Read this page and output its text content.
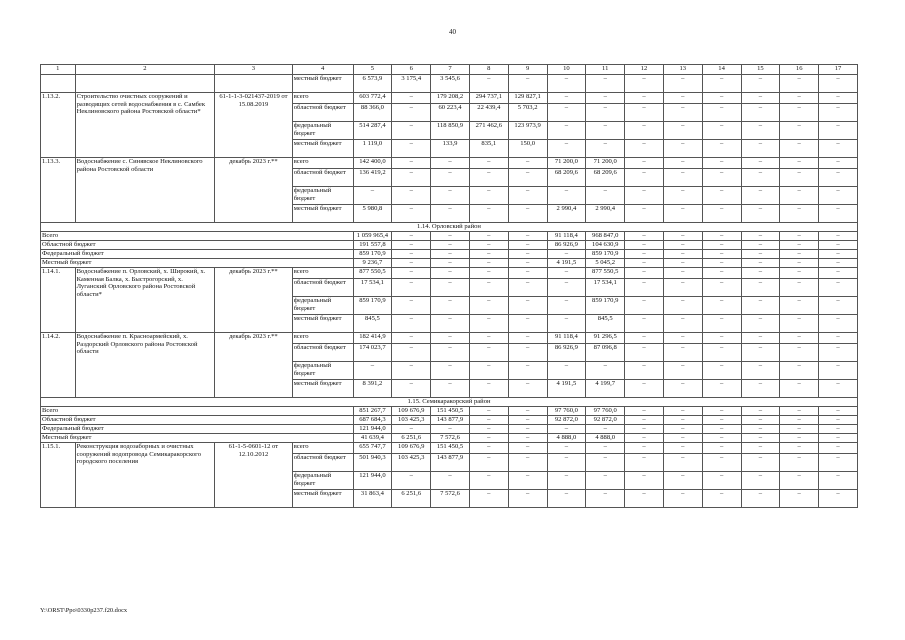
40
1	2	3	4	5	6	7	8	9	10	11	12	13	14	15	16	17
			местный бюджет	6 573,9	3 175,4	3 545,6	–	–	–	–	–	–	–	–	–	–
1.13.2.	Строительство очистных сооружений и разводящих сетей водоснабжения в с. Самбек Неклиновского района Ростовской области*	61-1-1-3-021437-2019 от 15.08.2019	всего	603 772,4	–	179 208,2	294 737,1	129 827,1	–	–	–	–	–	–	–	–
			областной бюджет	88 366,0	–	60 223,4	22 439,4	5 703,2	–	–	–	–	–	–	–	–
			федеральный бюджет	514 287,4	–	118 850,9	271 462,6	123 973,9	–	–	–	–	–	–	–	–
			местный бюджет	1 119,0	–	133,9	835,1	150,0	–	–	–	–	–	–	–	–
1.13.3.	Водоснабжение с. Синявское Неклиновского района Ростовской области	декабрь 2023 г.**	всего	142 400,0	–	–	–	–	71 200,0	71 200,0	–	–	–	–	–	–
			областной бюджет	136 419,2	–	–	–	–	68 209,6	68 209,6	–	–	–	–	–	–
			федеральный бюджет	–	–	–	–	–	–	–	–	–	–	–	–	–
			местный бюджет	5 980,8	–	–	–	–	2 990,4	2 990,4	–	–	–	–	–	–
1.14. Орловский район																
Всего				1 059 965,4	–	–	–	–	91 118,4	968 847,0	–	–	–	–	–	–
Областной бюджет				191 557,8	–	–	–	–	86 926,9	104 630,9	–	–	–	–	–	–
Федеральный бюджет				859 170,9	–	–	–	–	–	859 170,9	–	–	–	–	–	–
Местный бюджет				9 236,7	–	–	–	–	4 191,5	5 045,2	–	–	–	–	–	–
1.14.1.	Водоснабжение п. Орловский, х. Широкий, х. Каменная Балка, х. Быстрогорский, х. Луганский Орловского района Ростовской области*	декабрь 2023 г.**	всего	877 550,5	–	–	–	–	–	877 550,5	–	–	–	–	–	–
			областной бюджет	17 534,1	–	–	–	–	–	17 534,1	–	–	–	–	–	–
			федеральный бюджет	859 170,9	–	–	–	–	–	859 170,9	–	–	–	–	–	–
			местный бюджет	845,5	–	–	–	–	–	845,5	–	–	–	–	–	–
1.14.2.	Водоснабжение п. Красноармейский, х. Раздорский Орловского района Ростовской области	декабрь 2023 г.**	всего	182 414,9	–	–	–	–	91 118,4	91 296,5	–	–	–	–	–	–
			областной бюджет	174 023,7	–	–	–	–	86 926,9	87 096,8	–	–	–	–	–	–
			федеральный бюджет	–	–	–	–	–	–	–	–	–	–	–	–	–
			местный бюджет	8 391,2	–	–	–	–	4 191,5	4 199,7	–	–	–	–	–	–
1.15. Семикаракорский район																
Всего				851 267,7	109 676,9	151 450,5	–	–	97 760,0	97 760,0	–	–	–	–	–	–
Областной бюджет				687 684,3	103 425,3	143 877,9	–	–	92 872,0	92 872,0	–	–	–	–	–	–
Федеральный бюджет				121 944,0	–	–	–	–	–	–	–	–	–	–	–	–
Местный бюджет				41 639,4	6 251,6	7 572,6	–	–	4 888,0	4 888,0	–	–	–	–	–	–
1.15.1.	Реконструкция водозаборных и очистных сооружений водопровода Семикаракорского городского поселения	61-1-5-0601-12 от 12.10.2012	всего	655 747,7	109 676,9	151 450,5	–	–	–	–	–	–	–	–	–	–
			областной бюджет	501 940,3	103 425,3	143 877,9	–	–	–	–	–	–	–	–	–	–
			федеральный бюджет	121 944,0	–	–	–	–	–	–	–	–	–	–	–	–
			местный бюджет	31 863,4	6 251,6	7 572,6	–	–	–	–	–	–	–	–	–	–
Y:\ORST\Ppo\0330p237.f20.docx
